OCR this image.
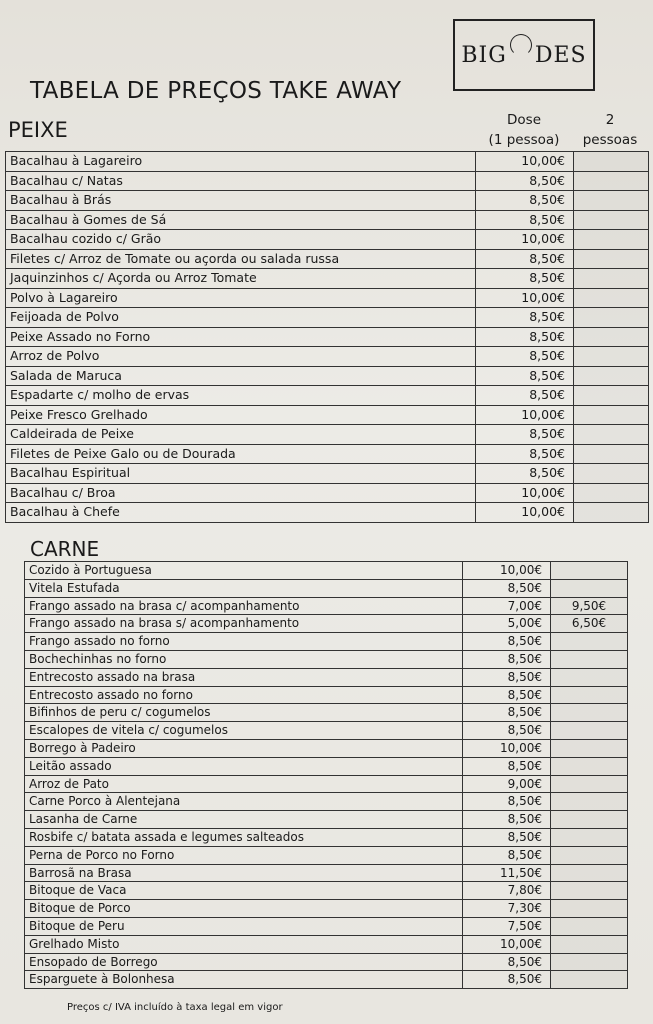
BIG DES
TABELA DE PREÇOS TAKE AWAY
PEIXE	Dose
(1 pessoa)
2
pessoas
Bacalhau à Lagareiro	10,00€	
Bacalhau c/ Natas	8,50€	
Bacalhau à Brás	8,50€	
Bacalhau à Gomes de Sá	8,50€	
Bacalhau cozido c/ Grão	10,00€	
Filetes c/ Arroz de Tomate ou açorda ou salada russa	8,50€	
Jaquinzinhos c/ Açorda ou Arroz Tomate	8,50€	
Polvo à Lagareiro	10,00€	
Feijoada de Polvo	8,50€	
Peixe Assado no Forno	8,50€	
Arroz de Polvo	8,50€	
Salada de Maruca	8,50€	
Espadarte c/ molho de ervas	8,50€	
Peixe Fresco Grelhado	10,00€	
Caldeirada de Peixe	8,50€	
Filetes de Peixe Galo ou de Dourada	8,50€	
Bacalhau Espiritual	8,50€	
Bacalhau c/ Broa	10,00€	
Bacalhau à Chefe	10,00€	
CARNE
Cozido à Portuguesa	10,00€	
Vitela Estufada	8,50€	
Frango assado na brasa c/ acompanhamento	7,00€	9,50€
Frango assado na brasa s/ acompanhamento	5,00€	6,50€
Frango assado no forno	8,50€	
Bochechinhas no forno	8,50€	
Entrecosto assado na brasa	8,50€	
Entrecosto assado no forno	8,50€	
Bifinhos de peru c/ cogumelos	8,50€	
Escalopes de vitela c/ cogumelos	8,50€	
Borrego à Padeiro	10,00€	
Leitão assado	8,50€	
Arroz de Pato	9,00€	
Carne Porco à Alentejana	8,50€	
Lasanha de Carne	8,50€	
Rosbife c/ batata assada e legumes salteados	8,50€	
Perna de Porco no Forno	8,50€	
Barrosã na Brasa	11,50€	
Bitoque de Vaca	7,80€	
Bitoque de Porco	7,30€	
Bitoque de Peru	7,50€	
Grelhado Misto	10,00€	
Ensopado de Borrego	8,50€	
Esparguete à Bolonhesa	8,50€	
Preços c/ IVA incluído à taxa legal em vigor
